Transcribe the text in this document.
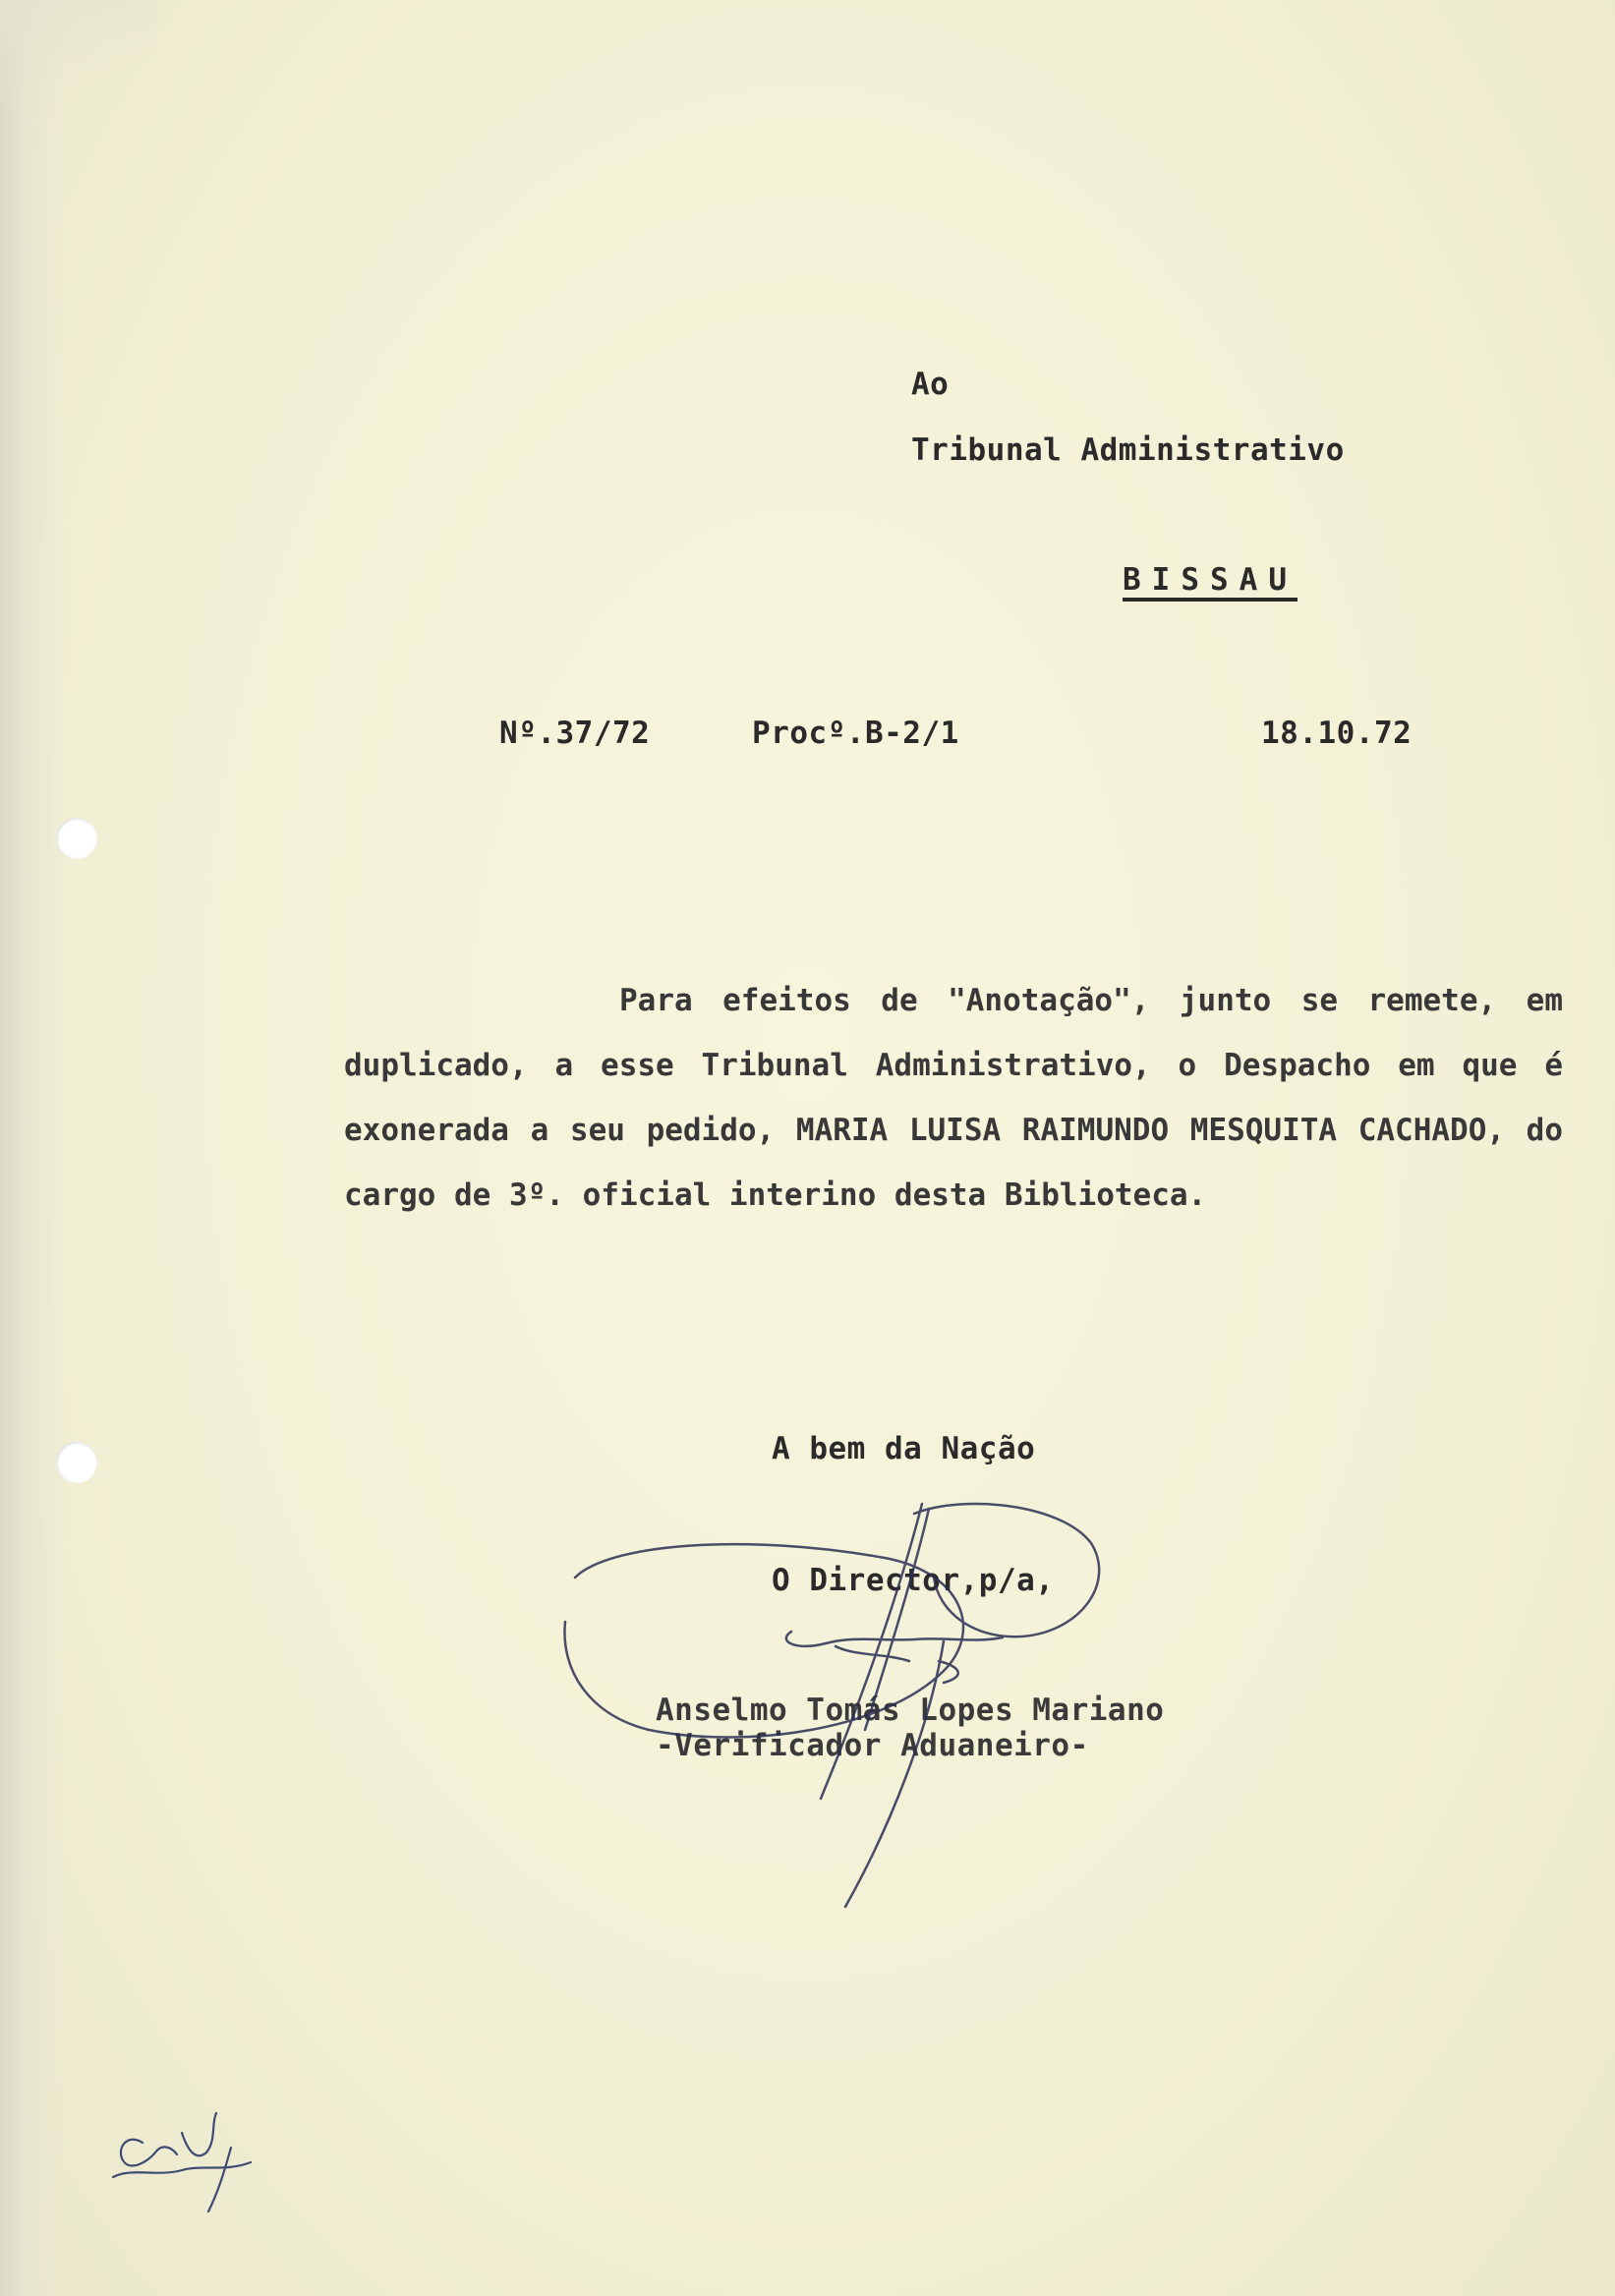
Ao
Tribunal Administrativo
BISSAU
Nº.37/72	Procº.B-2/1	18.10.72
Para efeitos de "Anotação", junto se remete, em duplicado, a esse Tribunal Administrativo, o Despacho em que é exonerada a seu pedido, MARIA LUISA RAIMUNDO MESQUITA CACHADO, do cargo de 3º. oficial interino desta Biblioteca.
A bem da Nação
O Director,p/a,
Anselmo Tomás Lopes Mariano
-Verificador Aduaneiro-
